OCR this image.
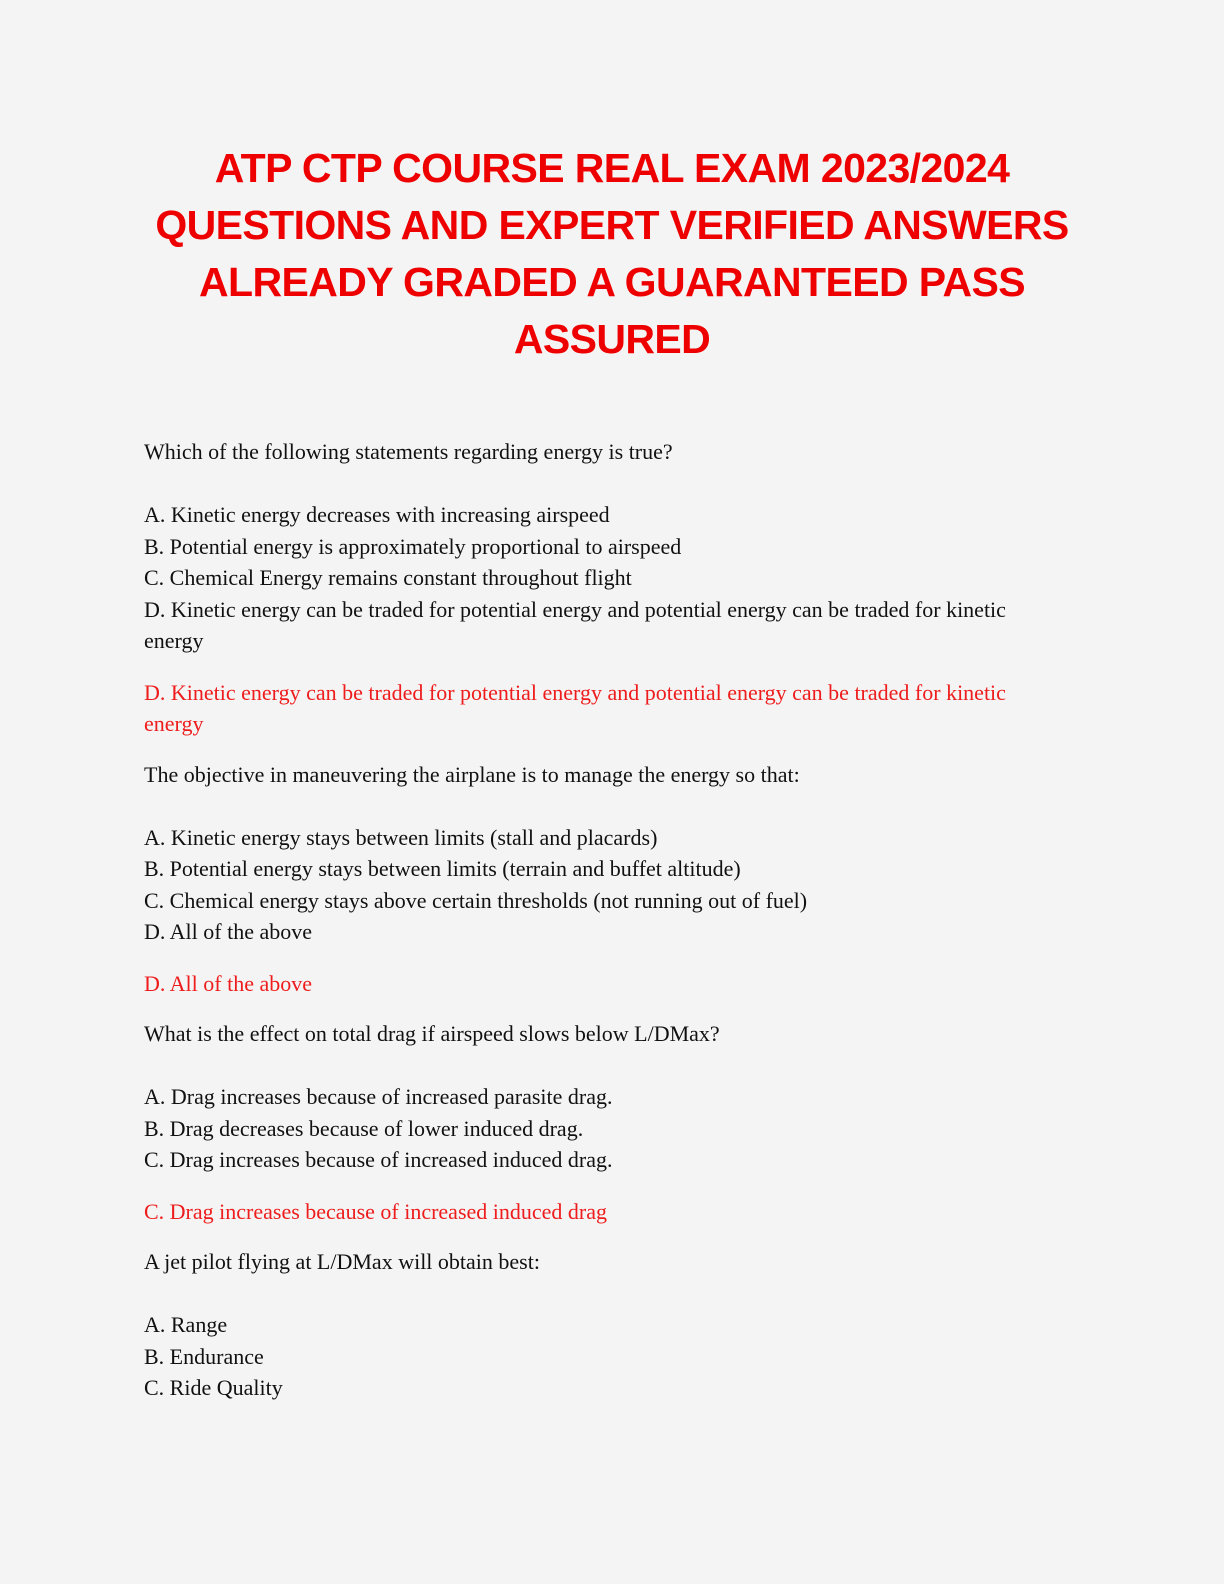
ATP CTP COURSE REAL EXAM 2023/2024
QUESTIONS AND EXPERT VERIFIED ANSWERS
ALREADY GRADED A GUARANTEED PASS
ASSURED

Which of the following statements regarding energy is true?

A. Kinetic energy decreases with increasing airspeed
B. Potential energy is approximately proportional to airspeed
C. Chemical Energy remains constant throughout flight
D. Kinetic energy can be traded for potential energy and potential energy can be traded for kinetic energy

D. Kinetic energy can be traded for potential energy and potential energy can be traded for kinetic energy

The objective in maneuvering the airplane is to manage the energy so that:

A. Kinetic energy stays between limits (stall and placards)
B. Potential energy stays between limits (terrain and buffet altitude)
C. Chemical energy stays above certain thresholds (not running out of fuel)
D. All of the above

D. All of the above

What is the effect on total drag if airspeed slows below L/DMax?

A. Drag increases because of increased parasite drag.
B. Drag decreases because of lower induced drag.
C. Drag increases because of increased induced drag.

C. Drag increases because of increased induced drag

A jet pilot flying at L/DMax will obtain best:

A. Range
B. Endurance
C. Ride Quality
